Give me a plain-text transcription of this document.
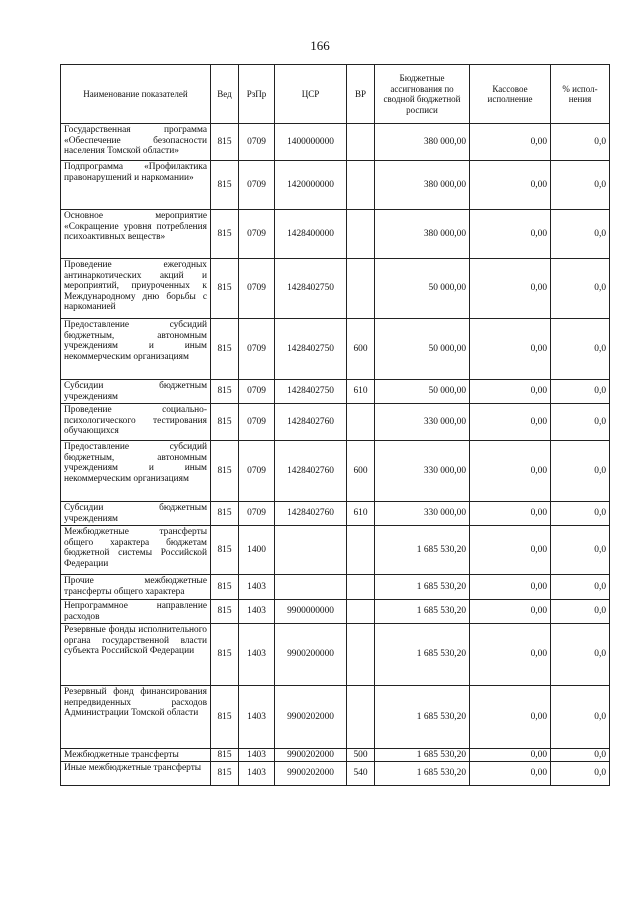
166
Наименование показателей	Вед	РзПр	ЦСР	ВР	Бюджетные ассигнования по сводной бюджетной росписи	Кассовое исполнение	% испол-нения
Государственная программа «Обеспечение безопасности населения Томской области»	815	0709	1400000000		380 000,00	0,00	0,0
Подпрограмма «Профилактика правонарушений и наркомании»	815	0709	1420000000		380 000,00	0,00	0,0
Основное мероприятие «Сокращение уровня потребления психоактивных веществ»	815	0709	1428400000		380 000,00	0,00	0,0
Проведение ежегодных антинаркотических акций и мероприятий, приуроченных к Международному дню борьбы с наркоманией	815	0709	1428402750		50 000,00	0,00	0,0
Предоставление субсидий бюджетным, автономным учреждениям и иным некоммерческим организациям	815	0709	1428402750	600	50 000,00	0,00	0,0
Субсидии бюджетным учреждениям	815	0709	1428402750	610	50 000,00	0,00	0,0
Проведение социально-психологического тестирования обучающихся	815	0709	1428402760		330 000,00	0,00	0,0
Предоставление субсидий бюджетным, автономным учреждениям и иным некоммерческим организациям	815	0709	1428402760	600	330 000,00	0,00	0,0
Субсидии бюджетным учреждениям	815	0709	1428402760	610	330 000,00	0,00	0,0
Межбюджетные трансферты общего характера бюджетам бюджетной системы Российской Федерации	815	1400			1 685 530,20	0,00	0,0
Прочие межбюджетные трансферты общего характера	815	1403			1 685 530,20	0,00	0,0
Непрограммное направление расходов	815	1403	9900000000		1 685 530,20	0,00	0,0
Резервные фонды исполнительного органа государственной власти субъекта Российской Федерации	815	1403	9900200000		1 685 530,20	0,00	0,0
Резервный фонд финансирования непредвиденных расходов Администрации Томской области	815	1403	9900202000		1 685 530,20	0,00	0,0
Межбюджетные трансферты	815	1403	9900202000	500	1 685 530,20	0,00	0,0
Иные межбюджетные трансферты	815	1403	9900202000	540	1 685 530,20	0,00	0,0
